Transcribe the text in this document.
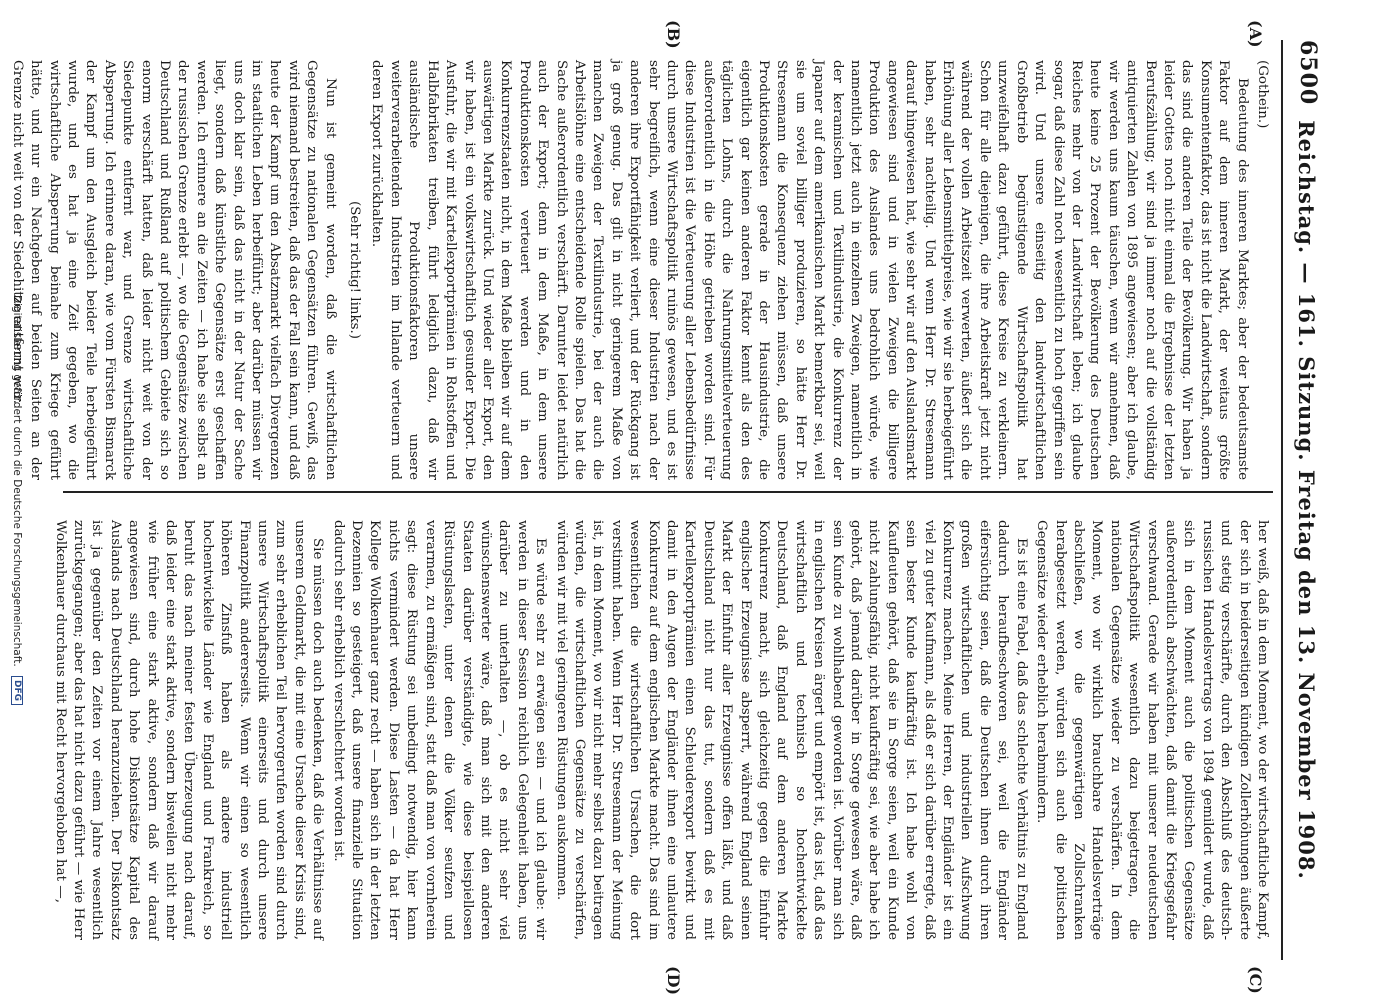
6500
Reichstag. — 161. Sitzung. Freitag den 13. November 1908.
(A)
(B)
(C)
(D)

(Gothein.)

Bedeutung des inneren Marktes; aber der bedeutsamste Faktor auf dem inneren Markt, der weitaus größte Konsumentenfaktor, das ist nicht die Landwirtschaft, sondern das sind die anderen Teile der Bevölkerung. Wir haben ja leider Gottes noch nicht einmal die Ergebnisse der letzten Berufszählung; wir sind ja immer noch auf die vollständig antiquierten Zahlen von 1895 angewiesen; aber ich glaube, wir werden uns kaum täuschen, wenn wir annehmen, daß heute keine 25 Prozent der Bevölkerung des Deutschen Reiches mehr von der Landwirtschaft leben; ich glaube sogar, daß diese Zahl noch wesentlich zu hoch gegriffen sein wird. Und unsere einseitig den landwirtschaftlichen Großbetrieb begünstigende Wirtschaftspolitik hat unzweifelhaft dazu geführt, diese Kreise zu verkleinern. Schon für alle diejenigen, die ihre Arbeitskraft jetzt nicht während der vollen Arbeitszeit verwerten, äußert sich die Erhöhung aller Lebensmittelpreise, wie wir sie herbeigeführt haben, sehr nachteilig. Und wenn Herr Dr. Stresemann darauf hingewiesen hat, wie sehr wir auf den Auslandsmarkt angewiesen sind und in vielen Zweigen die billigere Produktion des Auslandes uns bedrohlich würde, wie namentlich jetzt auch in einzelnen Zweigen, namentlich in der keramischen und Textilindustrie, die Konkurrenz der Japaner auf dem amerikanischen Markt bemerkbar sei, weil sie um soviel billiger produzieren, so hätte Herr Dr. Stresemann die Konsequenz ziehen müssen, daß unsere Produktionskosten gerade in der Hausindustrie, die eigentlich gar keinen anderen Faktor kennt als den des täglichen Lohns, durch die Nahrungsmittelverteuerung außerordentlich in die Höhe getrieben worden sind. Für diese Industrien ist die Verteuerung aller Lebensbedürfnisse durch unsere Wirtschaftspolitik ruinös gewesen, und es ist sehr begreiflich, wenn eine dieser Industrien nach der anderen ihre Exportfähigkeit verliert, und der Rückgang ist ja groß genug. Das gilt in nicht geringerem Maße von manchen Zweigen der Textilindustrie, bei der auch die Arbeitslöhne eine entscheidende Rolle spielen. Das hat die Sache außerordentlich verschärft. Darunter leidet natürlich auch der Export; denn in dem Maße, in dem unsere Produktionskosten verteuert werden und in den Konkurrenzstaaten nicht, in dem Maße bleiben wir auf dem auswärtigen Markte zurück. Und wieder aller Export, den wir haben, ist ein volkswirtschaftlich gesunder Export. Die Ausfuhr, die wir mit Kartellexportprämien in Rohstoffen und Halbfabrikaten treiben, führt lediglich dazu, daß wir ausländische Produktionsfaktoren unsere weiterverarbeitenden Industrien im Inlande verteuern und deren Export zurückhalten.

(Sehr richtig! links.)

Nun ist gemeint worden, daß die wirtschaftlichen Gegensätze zu nationalen Gegensätzen führen. Gewiß, das wird niemand bestreiten, daß das der Fall sein kann, und daß heute der Kampf um den Absatzmarkt vielfach Divergenzen im staatlichen Leben herbeiführt; aber darüber müssen wir uns doch klar sein, daß das nicht in der Natur der Sache liegt, sondern daß künstliche Gegensätze erst geschaffen werden. Ich erinnere an die Zeiten — ich habe sie selbst an der russischen Grenze erlebt —, wo die Gegensätze zwischen Deutschland und Rußland auf politischem Gebiete sich so enorm verschärft hatten, daß leider nicht weit von der Siedepunkte entfernt war, und Grenze wirtschaftliche Absperrung. Ich erinnere daran, wie vom Fürsten Bismarck der Kampf um den Ausgleich beider Teile herbeigeführt wurde, und es hat ja eine Zeit gegeben, wo die wirtschaftliche Absperrung beinahe zum Kriege geführt hätte, und nur ein Nachgeben auf beiden Seiten an der Grenze nicht weit von der Siedehitze entfernt war.

her weiß, daß in dem Moment, wo der wirtschaftliche Kampf, der sich in beiderseitigen kündigen Zollerhöhungen äußerte und stetig verschärfte, durch den Abschluß des deutsch-russischen Handelsvertrags von 1894 gemildert wurde, daß sich in dem Moment auch die politischen Gegensätze außerordentlich abschwächten, daß damit die Kriegsgefahr verschwand. Gerade wir haben mit unserer neudeutschen Wirtschaftspolitik wesentlich dazu beigetragen, die nationalen Gegensätze wieder zu verschärfen. In dem Moment, wo wir wirklich brauchbare Handelsverträge abschließen, wo die gegenwärtigen Zollschranken herabgesetzt werden, würden sich auch die politischen Gegensätze wieder erheblich herabmindern.

Es ist eine Fabel, daß das schlechte Verhältnis zu England dadurch heraufbeschworen sei, weil die Engländer eifersüchtig seien, daß die Deutschen ihnen durch ihren großen wirtschaftlichen und industriellen Aufschwung Konkurrenz machen. Meine Herren, der Engländer ist ein viel zu guter Kaufmann, als daß er sich darüber erregte, daß sein bester Kunde kaufkräftig ist. Ich habe wohl von Kaufleuten gehört, daß sie in Sorge seien, weil ein Kunde nicht zahlungsfähig, nicht kaufkräftig sei, wie aber habe ich gehört, daß jemand darüber in Sorge gewesen wäre, daß sein Kunde zu wohlhabend geworden ist. Vorüber man sich in englischen Kreisen ärgert und empört ist, das ist, daß das wirtschaftlich und technisch so hochentwickelte Deutschland, daß England auf dem anderen Markte Konkurrenz macht, sich gleichzeitig gegen die Einfuhr englischer Erzeugnisse absperrt, während England seinen Markt der Einfuhr aller Erzeugnisse offen läßt, und daß Deutschland nicht nur das tut, sondern daß es mit Kartellexportprämien einen Schleuderexport bewirkt und damit in den Augen der Engländer ihnen eine unlautere Konkurrenz auf dem englischen Markte macht. Das sind im wesentlichen die wirtschaftlichen Ursachen, die dort verstimmt haben. Wenn Herr Dr. Stresemann der Meinung ist, in dem Moment, wo wir nicht mehr selbst dazu beitragen würden, die wirtschaftlichen Gegensätze zu verschärfen, würden wir mit viel geringeren Rüstungen auskommen.

Es würde sehr zu erwägen sein — und ich glaube: wir werden in dieser Session reichlich Gelegenheit haben, uns darüber zu unterhalten —, ob es nicht sehr viel wünschenswerter wäre, daß man sich mit den anderen Staaten darüber verständigte, wie diese beispiellosen Rüstungslasten, unter denen die Völker seufzen und verarmen, zu ermäßigen sind, statt daß man von vornherein sagt: diese Rüstung sei unbedingt notwendig, hier kann nichts vermindert werden. Diese Lasten — da hat Herr Kollege Wolkenhauer ganz recht — haben sich in der letzten Dezennien so gesteigert, daß unsere finanzielle Situation dadurch sehr erheblich verschlechtert worden ist.

Sie müssen doch auch bedenken, daß die Verhältnisse auf unserem Geldmarkt, die mit eine Ursache dieser Krisis sind, zum sehr erheblichen Teil hervorgerufen worden sind durch unsere Wirtschaftspolitik einerseits und durch unsere Finanzpolitik andererseits. Wenn wir einen so wesentlich höheren Zinsfuß haben als andere industriell hochentwickelte Länder wie England und Frankreich, so beruht das nach meiner festen Überzeugung nach darauf, daß leider eine stark aktive, sondern bisweilen nicht mehr wie früher eine stark aktive, sondern daß wir darauf angewiesen sind, durch hohe Diskontsätze Kapital des Auslands nach Deutschland heranzuziehen. Der Diskontsatz ist ja gegenüber den Zeiten vor einem Jahre wesentlich zurückgegangen; aber das hat nicht dazu geführt — wie Herr Wolkenhauer durchaus mit Recht hervorgehoben hat —,

Digitalisierung gefördert durch die Deutsche Forschungsgemeinschaft. DFG
